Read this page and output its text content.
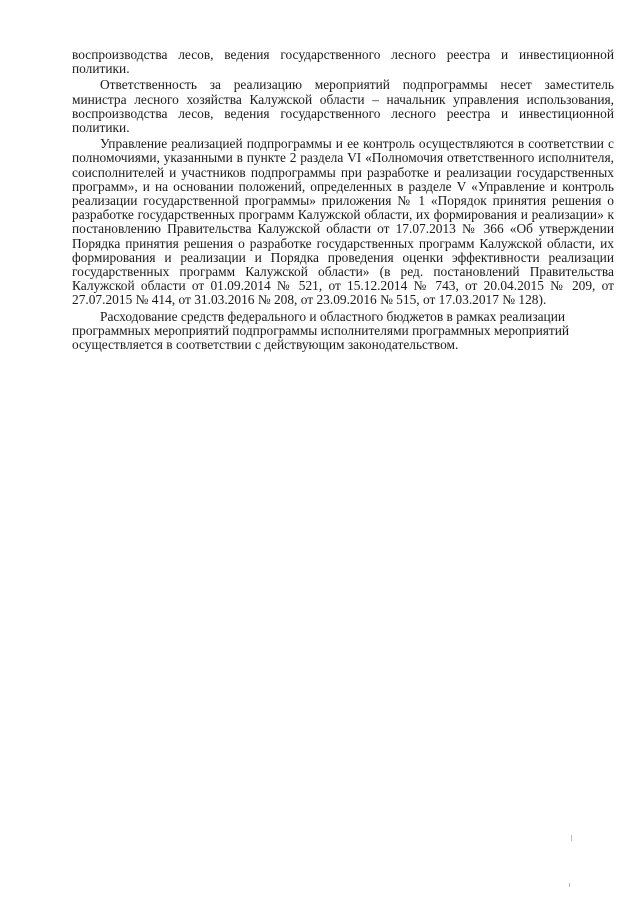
воспроизводства лесов, ведения государственного лесного реестра и инвестиционной политики.

Ответственность за реализацию мероприятий подпрограммы несет заместитель министра лесного хозяйства Калужской области – начальник управления использования, воспроизводства лесов, ведения государственного лесного реестра и инвестиционной политики.

Управление реализацией подпрограммы и ее контроль осуществляются в соответствии с полномочиями, указанными в пункте 2 раздела VI «Полномочия ответственного исполнителя, соисполнителей и участников подпрограммы при разработке и реализации государственных программ», и на основании положений, определенных в разделе V «Управление и контроль реализации государственной программы» приложения № 1 «Порядок принятия решения о разработке государственных программ Калужской области, их формирования и реализации» к постановлению Правительства Калужской области от 17.07.2013 № 366 «Об утверждении Порядка принятия решения о разработке государственных программ Калужской области, их формирования и реализации и Порядка проведения оценки эффективности реализации государственных программ Калужской области» (в ред. постановлений Правительства Калужской области от 01.09.2014 № 521, от 15.12.2014 № 743, от 20.04.2015 № 209, от 27.07.2015 № 414, от 31.03.2016 № 208, от 23.09.2016 № 515, от 17.03.2017 № 128).

Расходование средств федерального и областного бюджетов в рамках реализации программных мероприятий подпрограммы исполнителями программных мероприятий осуществляется в соответствии с действующим законодательством.
